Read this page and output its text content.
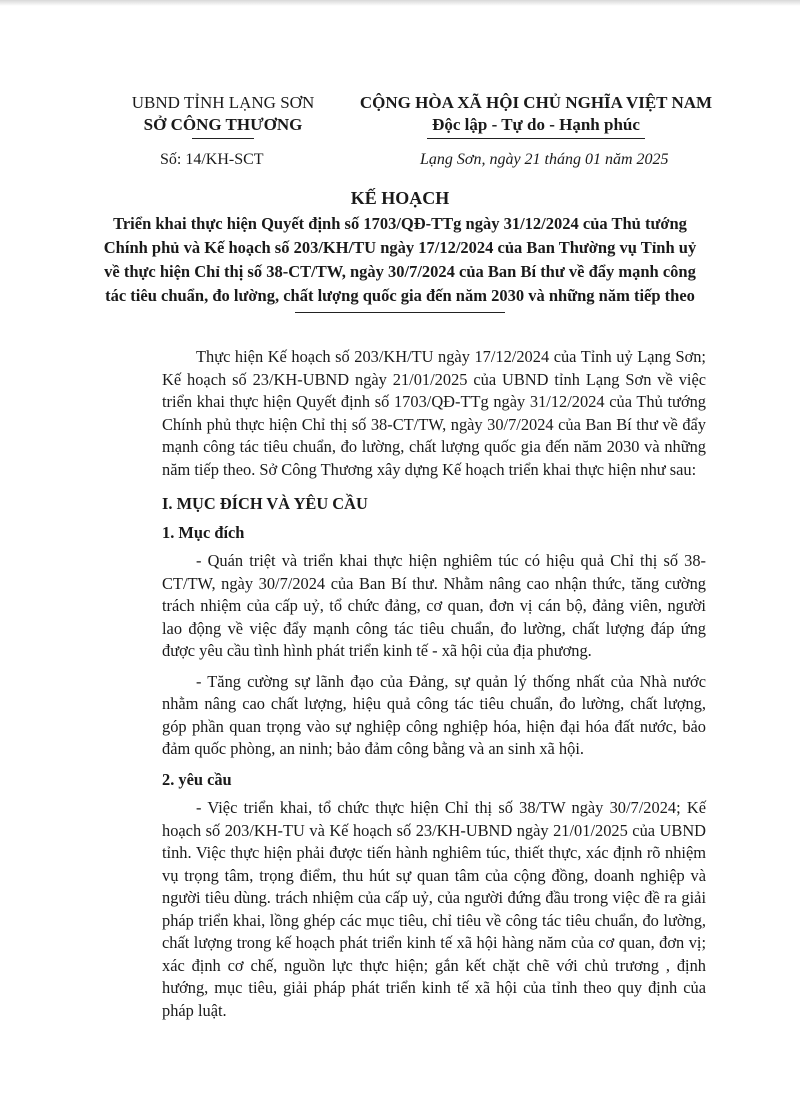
UBND TỈNH LẠNG SƠN
SỞ CÔNG THƯƠNG
CỘNG HÒA XÃ HỘI CHỦ NGHĨA VIỆT NAM
Độc lập - Tự do - Hạnh phúc
Số: 14/KH-SCT	Lạng Sơn, ngày 21 tháng 01 năm 2025
KẾ HOẠCH
Triển khai thực hiện Quyết định số 1703/QĐ-TTg ngày 31/12/2024 của Thủ tướng Chính phủ và Kế hoạch số 203/KH/TU ngày 17/12/2024 của Ban Thường vụ Tỉnh uỷ về thực hiện Chỉ thị số 38-CT/TW, ngày 30/7/2024 của Ban Bí thư về đẩy mạnh công tác tiêu chuẩn, đo lường, chất lượng quốc gia đến năm 2030 và những năm tiếp theo

Thực hiện Kế hoạch số 203/KH/TU ngày 17/12/2024 của Tỉnh uỷ Lạng Sơn; Kế hoạch số 23/KH-UBND ngày 21/01/2025 của UBND tỉnh Lạng Sơn về việc triển khai thực hiện Quyết định số 1703/QĐ-TTg ngày 31/12/2024 của Thủ tướng Chính phủ thực hiện Chỉ thị số 38-CT/TW, ngày 30/7/2024 của Ban Bí thư về đẩy mạnh công tác tiêu chuẩn, đo lường, chất lượng quốc gia đến năm 2030 và những năm tiếp theo. Sở Công Thương xây dựng Kế hoạch triển khai thực hiện như sau:

I. MỤC ĐÍCH VÀ YÊU CẦU

1. Mục đích

- Quán triệt và triển khai thực hiện nghiêm túc có hiệu quả Chỉ thị số 38-CT/TW, ngày 30/7/2024 của Ban Bí thư. Nhằm nâng cao nhận thức, tăng cường trách nhiệm của cấp uỷ, tổ chức đảng, cơ quan, đơn vị cán bộ, đảng viên, người lao động về việc đẩy mạnh công tác tiêu chuẩn, đo lường, chất lượng đáp ứng được yêu cầu tình hình phát triển kinh tế - xã hội của địa phương.

- Tăng cường sự lãnh đạo của Đảng, sự quản lý thống nhất của Nhà nước nhằm nâng cao chất lượng, hiệu quả công tác tiêu chuẩn, đo lường, chất lượng, góp phần quan trọng vào sự nghiệp công nghiệp hóa, hiện đại hóa đất nước, bảo đảm quốc phòng, an ninh; bảo đảm công bằng và an sinh xã hội.

2. yêu cầu

- Việc triển khai, tổ chức thực hiện Chỉ thị số 38/TW ngày 30/7/2024; Kế hoạch số 203/KH-TU và Kế hoạch số 23/KH-UBND ngày 21/01/2025 của UBND tỉnh. Việc thực hiện phải được tiến hành nghiêm túc, thiết thực, xác định rõ nhiệm vụ trọng tâm, trọng điểm, thu hút sự quan tâm của cộng đồng, doanh nghiệp và người tiêu dùng. trách nhiệm của cấp uỷ, của người đứng đầu trong việc đề ra giải pháp triển khai, lồng ghép các mục tiêu, chỉ tiêu về công tác tiêu chuẩn, đo lường, chất lượng trong kế hoạch phát triển kinh tế xã hội hàng năm của cơ quan, đơn vị; xác định cơ chế, nguồn lực thực hiện; gắn kết chặt chẽ với chủ trương , định hướng, mục tiêu, giải pháp phát triển kinh tế xã hội của tỉnh theo quy định của pháp luật.
